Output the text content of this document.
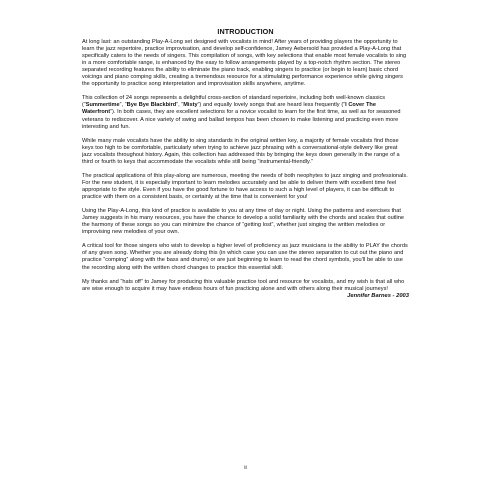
INTRODUCTION

At long last: an outstanding Play-A-Long set designed with vocalists in mind! After years of providing players the opportunity to learn the jazz repertoire, practice improvisation, and develop self-confidence, Jamey Aebersold has provided a Play-A-Long that specifically caters to the needs of singers. This compilation of songs, with key selections that enable most female vocalists to sing in a more comfortable range, is enhanced by the easy to follow arrangements played by a top-notch rhythm section. The stereo separated recording features the ability to eliminate the piano track, enabling singers to practice (or begin to learn) basic chord voicings and piano comping skills, creating a tremendous resource for a stimulating performance experience while giving singers the opportunity to practice song interpretation and improvisation skills anywhere, anytime.

This collection of 24 songs represents a delightful cross-section of standard repertoire, including both well-known classics (“Summertime”, “Bye Bye Blackbird”, “Misty”) and equally lovely songs that are heard less frequently (“I Cover The Waterfront”). In both cases, they are excellent selections for a novice vocalist to learn for the first time, as well as for seasoned veterans to rediscover. A nice variety of swing and ballad tempos has been chosen to make listening and practicing even more interesting and fun.

While many male vocalists have the ability to sing standards in the original written key, a majority of female vocalists find those keys too high to be comfortable, particularly when trying to achieve jazz phrasing with a conversational-style delivery like great jazz vocalists throughout history. Again, this collection has addressed this by bringing the keys down generally in the range of a third or fourth to keys that accommodate the vocalists while still being “instrumental-friendly.”

The practical applications of this play-along are numerous, meeting the needs of both neophytes to jazz singing and professionals. For the new student, it is especially important to learn melodies accurately and be able to deliver them with excellent time feel appropriate to the style. Even if you have the good fortune to have access to such a high level of players, it can be difficult to practice with them on a consistent basis, or certainly at the time that is convenient for you!

Using the Play-A-Long, this kind of practice is available to you at any time of day or night. Using the patterns and exercises that Jamey suggests in his many resources, you have the chance to develop a solid familiarity with the chords and scales that outline the harmony of these songs so you can minimize the chance of “getting lost”, whether just singing the written melodies or improvising new melodies of your own.

A critical tool for those singers who wish to develop a higher level of proficiency as jazz musicians is the ability to PLAY the chords of any given song. Whether you are already doing this (in which case you can use the stereo separation to cut out the piano and practice “comping” along with the bass and drums) or are just beginning to learn to read the chord symbols, you’ll be able to use the recording along with the written chord changes to practice this essential skill.

My thanks and “hats off” to Jamey for producing this valuable practice tool and resource for vocalists, and my wish is that all who are wise enough to acquire it may have endless hours of fun practicing alone and with others along their musical journeys!

Jennifer Barnes - 2003
ii
